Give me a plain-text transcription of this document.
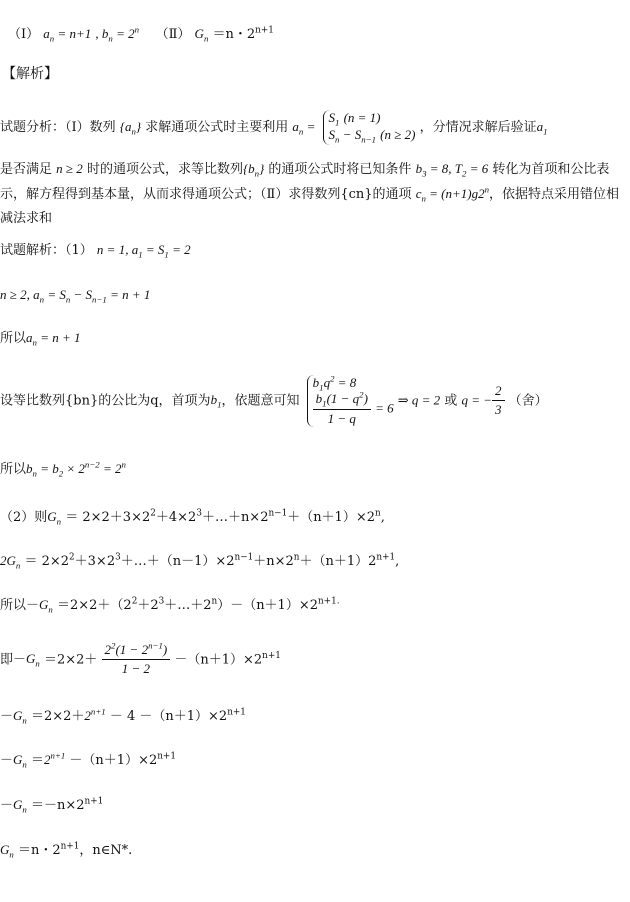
（Ⅰ） $a_n = n+1$ , $b_n = 2^n$ （Ⅱ） $G_n =n$・$2^{n+1}$
【解析】
试题分析：（Ⅰ）数列 $\{a_n\}$ 求解通项公式时主要利用 $a_n$ =
$S_1$ (n = 1)
$S_n - S_{n-1}$ (n ≥ 2) ，分情况求解后验证$a_1$
是否满足 n ≥ 2 时的通项公式，求等比数列$\{b_n\}$ 的通项公式时将已知条件 $b_3 = 8$, $T_2 = 6$ 转化为首项和公比表示，解方程得到基本量，从而求得通项公式；（Ⅱ）求得数列{cn}的通项 $c_n = (n+1)g2^n$，依据特点采用错位相减法求和
试题解析：（1） n = 1, $a_1 = S_1 = 2$
n ≥ 2, $a_n = S_n - S_{n-1} = n + 1$
所以$a_n = n + 1$
设等比数列{bn}的公比为q，首项为$b_1$，依题意可知
$b_1q^2 = 8$
$\frac{b_1(1 - q^2)}{1 - q} = 6$
⇒ q = 2 或 q = − $\frac{2}{3}$ （舍）
所以$b_n = b_2 \times 2^{n-2} = 2^n$
（2）则$G_n$ ＝ $2\times 2+3\times 2^2+4\times 2^3+\dots+n\times 2^{n-1}+(n+1)\times 2^n$,
$2G_n$ ＝ $2\times 2^2+3\times 2^3+\dots+(n-1)\times 2^{n-1}+n\times 2^n+(n+1)2^{n+1}$,
所以$-G_n$ $=2\times 2+(2^2+2^3+\dots+2^n)-(n+1)\times 2^{n+1.}$
即$-G_n =2\times 2+ \frac{2^2(1 - 2^{n-1})}{1 - 2} -(n+1)\times 2^{n+1}$
$-G_n =2\times 2+2^{n+1} - 4 -(n+1)\times 2^{n+1}$
$-G_n =2^{n+1} -(n+1)\times 2^{n+1}$
$-G_n =-n\times 2^{n+1}$
$G_n =n$・$2^{n+1}$，n∈N*.
